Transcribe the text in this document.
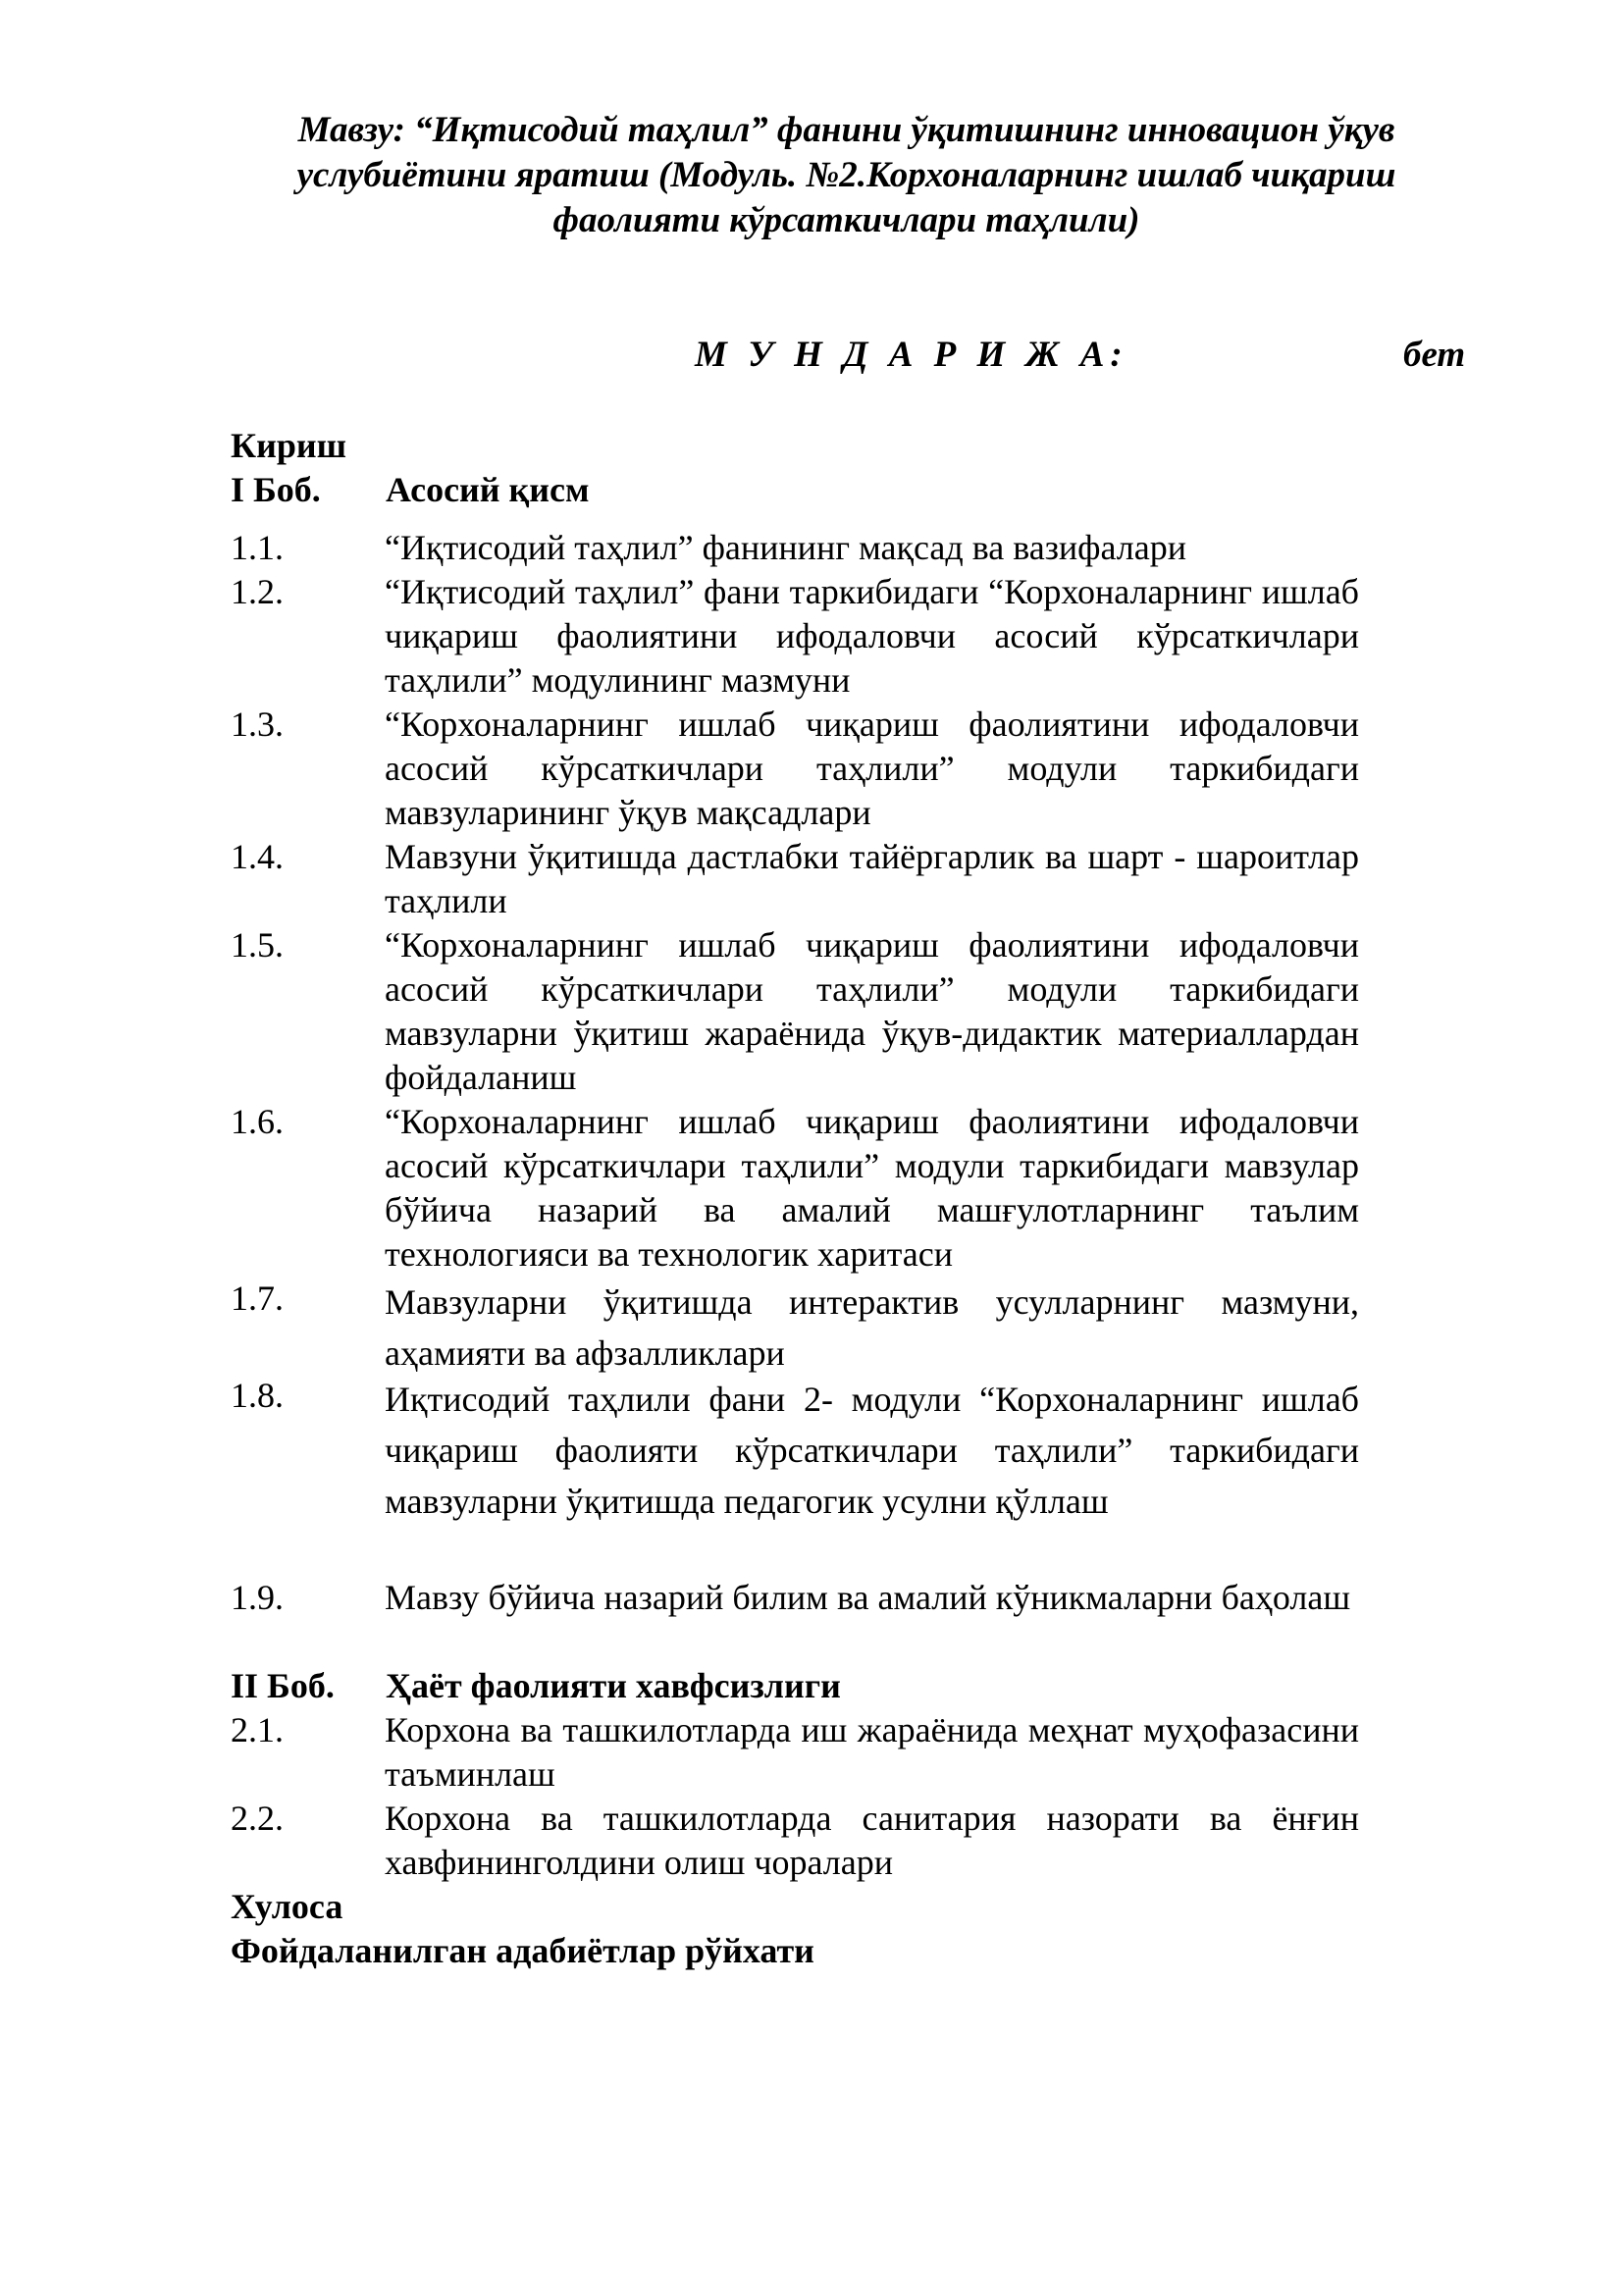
Мавзу: “Иқтисодий таҳлил” фанини ўқитишнинг инновацион ўқув
услубиётини яратиш (Модуль. №2.Корхоналарнинг ишлаб чиқариш
фаолияти кўрсаткичлари таҳлили)
М У Н Д А Р И Ж А:	бет
Кириш
I Боб. Асосий қисм
1.1.	“Иқтисодий таҳлил” фанининг мақсад ва вазифалари
1.2.	“Иқтисодий таҳлил” фани таркибидаги “Корхоналарнинг ишлаб чиқариш фаолиятини ифодаловчи асосий кўрсаткичлари таҳлили” модулининг мазмуни
1.3.	“Корхоналарнинг ишлаб чиқариш фаолиятини ифодаловчи асосий кўрсаткичлари таҳлили” модули таркибидаги мавзуларининг ўқув мақсадлари
1.4.	Мавзуни ўқитишда дастлабки тайёргарлик ва шарт - шароитлар таҳлили
1.5.	“Корхоналарнинг ишлаб чиқариш фаолиятини ифодаловчи асосий кўрсаткичлари таҳлили” модули таркибидаги мавзуларни ўқитиш жараёнида ўқув-дидактик материаллардан фойдаланиш
1.6.	“Корхоналарнинг ишлаб чиқариш фаолиятини ифодаловчи асосий кўрсаткичлари таҳлили” модули таркибидаги мавзулар бўйича назарий ва амалий машғулотларнинг таълим технологияси ва технологик харитаси
1.7.	Мавзуларни ўқитишда интерактив усулларнинг мазмуни, аҳамияти ва афзалликлари
1.8.	Иқтисодий таҳлили фани 2- модули “Корхоналарнинг ишлаб чиқариш фаолияти кўрсаткичлари таҳлили” таркибидаги мавзуларни ўқитишда педагогик усулни қўллаш
1.9.	Мавзу бўйича назарий билим ва амалий кўникмаларни баҳолаш
II Боб. Ҳаёт фаолияти хавфсизлиги
2.1.	Корхона ва ташкилотларда иш жараёнида меҳнат муҳофазасини таъминлаш
2.2.	Корхона ва ташкилотларда санитария назорати ва ёнғин хавфининголдини олиш чоралари
Хулоса
Фойдаланилган адабиётлар рўйхати
